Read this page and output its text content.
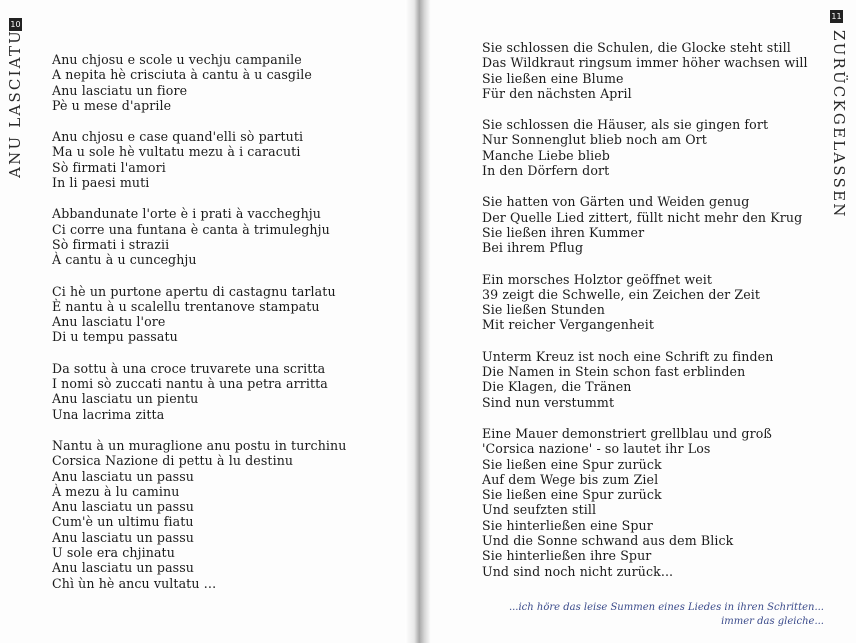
10
ANU LASCIATU
11
ZURÜCKGELASSEN
Anu chjosu e scole u vechju campanile
A nepita hè crisciuta à cantu à u casgile
Anu lasciatu un fiore
Pè u mese d'aprile
Anu chjosu e case quand'elli sò partuti
Ma u sole hè vultatu mezu à i caracuti
Sò firmati l'amori
In li paesi muti
Abbandunate l'orte è i prati à vaccheghju
Ci corre una funtana è canta à trimuleghju
Sò firmati i strazii
À cantu à u cunceghju
Ci hè un purtone apertu di castagnu tarlatu
È nantu à u scalellu trentanove stampatu
Anu lasciatu l'ore
Di u tempu passatu
Da sottu à una croce truvarete una scritta
I nomi sò zuccati nantu à una petra arritta
Anu lasciatu un pientu
Una lacrima zitta
Nantu à un muraglione anu postu in turchinu
Corsica Nazione di pettu à lu destinu
Anu lasciatu un passu
À mezu à lu caminu
Anu lasciatu un passu
Cum'è un ultimu fiatu
Anu lasciatu un passu
U sole era chjinatu
Anu lasciatu un passu
Chì ùn hè ancu vultatu …
Sie schlossen die Schulen, die Glocke steht still
Das Wildkraut ringsum immer höher wachsen will
Sie ließen eine Blume
Für den nächsten April
Sie schlossen die Häuser, als sie gingen fort
Nur Sonnenglut blieb noch am Ort
Manche Liebe blieb
In den Dörfern dort
Sie hatten von Gärten und Weiden genug
Der Quelle Lied zittert, füllt nicht mehr den Krug
Sie ließen ihren Kummer
Bei ihrem Pflug
Ein morsches Holztor geöffnet weit
39 zeigt die Schwelle, ein Zeichen der Zeit
Sie ließen Stunden
Mit reicher Vergangenheit
Unterm Kreuz ist noch eine Schrift zu finden
Die Namen in Stein schon fast erblinden
Die Klagen, die Tränen
Sind nun verstummt
Eine Mauer demonstriert grellblau und groß
'Corsica nazione' - so lautet ihr Los
Sie ließen eine Spur zurück
Auf dem Wege bis zum Ziel
Sie ließen eine Spur zurück
Und seufzten still
Sie hinterließen eine Spur
Und die Sonne schwand aus dem Blick
Sie hinterließen ihre Spur
Und sind noch nicht zurück...
...ich höre das leise Summen eines Liedes in ihren Schritten...
immer das gleiche...
